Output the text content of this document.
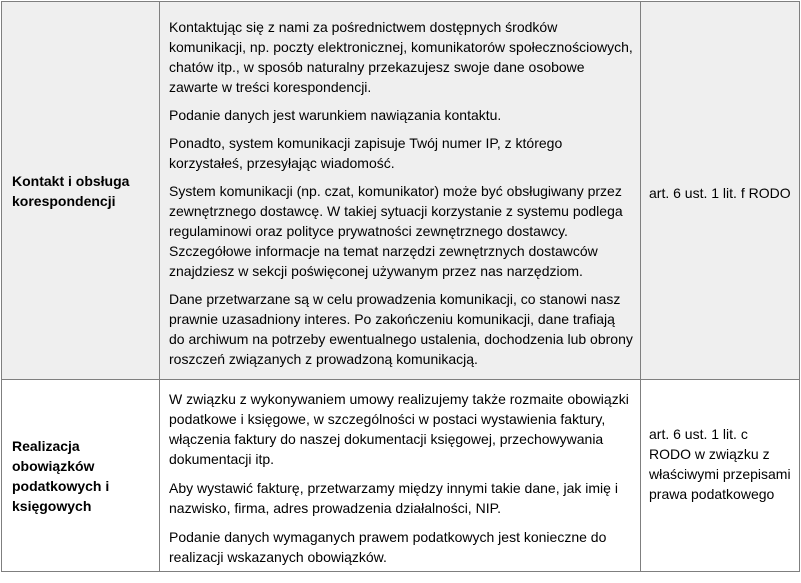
Kontakt i obsługa korespondencji	Kontaktując się z nami za pośrednictwem dostępnych środków komunikacji, np. poczty elektronicznej, komunikatorów społecznościowych, chatów itp., w sposób naturalny przekazujesz swoje dane osobowe zawarte w treści korespondencji.

Podanie danych jest warunkiem nawiązania kontaktu.

Ponadto, system komunikacji zapisuje Twój numer IP, z którego korzystałeś, przesyłając wiadomość.

System komunikacji (np. czat, komunikator) może być obsługiwany przez zewnętrznego dostawcę. W takiej sytuacji korzystanie z systemu podlega regulaminowi oraz polityce prywatności zewnętrznego dostawcy. Szczegółowe informacje na temat narzędzi zewnętrznych dostawców znajdziesz w sekcji poświęconej używanym przez nas narzędziom.

Dane przetwarzane są w celu prowadzenia komunikacji, co stanowi nasz prawnie uzasadniony interes. Po zakończeniu komunikacji, dane trafiają do archiwum na potrzeby ewentualnego ustalenia, dochodzenia lub obrony roszczeń związanych z prowadzoną komunikacją.	art. 6 ust. 1 lit. f RODO
Realizacja obowiązków podatkowych i księgowych	W związku z wykonywaniem umowy realizujemy także rozmaite obowiązki podatkowe i księgowe, w szczególności w postaci wystawienia faktury, włączenia faktury do naszej dokumentacji księgowej, przechowywania dokumentacji itp.

Aby wystawić fakturę, przetwarzamy między innymi takie dane, jak imię i nazwisko, firma, adres prowadzenia działalności, NIP.

Podanie danych wymaganych prawem podatkowych jest konieczne do realizacji wskazanych obowiązków.	art. 6 ust. 1 lit. c RODO w związku z właściwymi przepisami prawa podatkowego
